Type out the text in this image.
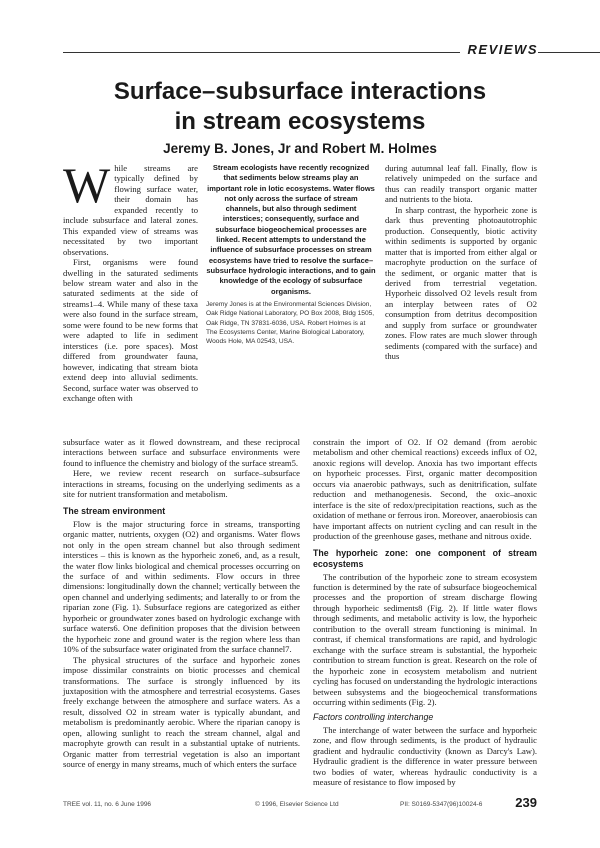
REVIEWS
Surface–subsurface interactions
in stream ecosystems
Jeremy B. Jones, Jr and Robert M. Holmes

While streams are typically defined by flowing surface water, their domain has expanded recently to include subsurface and lateral zones. This expanded view of streams was necessitated by two important observations.

First, organisms were found dwelling in the saturated sediments below stream water and also in the saturated sediments at the side of streams1–4. While many of these taxa were also found in the surface stream, some were found to be new forms that were adapted to life in sediment interstices (i.e. pore spaces). Most differed from groundwater fauna, however, indicating that stream biota extend deep into alluvial sediments. Second, surface water was observed to exchange often with

Stream ecologists have recently recognized that sediments below streams play an important role in lotic ecosystems. Water flows not only across the surface of stream channels, but also through sediment interstices; consequently, surface and subsurface biogeochemical processes are linked. Recent attempts to understand the influence of subsurface processes on stream ecosystems have tried to resolve the surface–subsurface hydrologic interactions, and to gain knowledge of the ecology of subsurface organisms.
Jeremy Jones is at the Environmental Sciences Division, Oak Ridge National Laboratory, PO Box 2008, Bldg 1505, Oak Ridge, TN 37831-6036, USA. Robert Holmes is at The Ecosystems Center, Marine Biological Laboratory, Woods Hole, MA 02543, USA.

during autumnal leaf fall. Finally, flow is relatively unimpeded on the surface and thus can readily transport organic matter and nutrients to the biota.

In sharp contrast, the hyporheic zone is dark thus preventing photoautotrophic production. Consequently, biotic activity within sediments is supported by organic matter that is imported from either algal or macrophyte production on the surface of the sediment, or organic matter that is derived from terrestrial vegetation. Hyporheic dissolved O2 levels result from an interplay between rates of O2 consumption from detritus decomposition and supply from surface or groundwater zones. Flow rates are much slower through sediments (compared with the surface) and thus

subsurface water as it flowed downstream, and these reciprocal interactions between surface and subsurface environments were found to influence the chemistry and biology of the surface stream5.

Here, we review recent research on surface–subsurface interactions in streams, focusing on the underlying sediments as a site for nutrient transformation and metabolism.

The stream environment

Flow is the major structuring force in streams, transporting organic matter, nutrients, oxygen (O2) and organisms. Water flows not only in the open stream channel but also through sediment interstices – this is known as the hyporheic zone6, and, as a result, the water flow links biological and chemical processes occurring on the surface of and within sediments. Flow occurs in three dimensions: longitudinally down the channel; vertically between the open channel and underlying sediments; and laterally to or from the riparian zone (Fig. 1). Subsurface regions are categorized as either hyporheic or groundwater zones based on hydrologic exchange with surface waters6. One definition proposes that the division between the hyporheic zone and ground water is the region where less than 10% of the subsurface water originated from the surface channel7.

The physical structures of the surface and hyporheic zones impose dissimilar constraints on biotic processes and chemical transformations. The surface is strongly influenced by its juxtaposition with the atmosphere and terrestrial ecosystems. Gases freely exchange between the atmosphere and surface waters. As a result, dissolved O2 in stream water is typically abundant, and metabolism is predominantly aerobic. Where the riparian canopy is open, allowing sunlight to reach the stream channel, algal and macrophyte growth can result in a substantial uptake of nutrients. Organic matter from terrestrial vegetation is also an important source of energy in many streams, much of which enters the surface

constrain the import of O2. If O2 demand (from aerobic metabolism and other chemical reactions) exceeds influx of O2, anoxic regions will develop. Anoxia has two important effects on hyporheic processes. First, organic matter decomposition occurs via anaerobic pathways, such as denitrification, sulfate reduction and methanogenesis. Second, the oxic–anoxic interface is the site of redox/precipitation reactions, such as the oxidation of methane or ferrous iron. Moreover, anaerobiosis can have important affects on nutrient cycling and can result in the production of the greenhouse gases, methane and nitrous oxide.

The hyporheic zone: one component of stream ecosystems

The contribution of the hyporheic zone to stream ecosystem function is determined by the rate of subsurface biogeochemical processes and the proportion of stream discharge flowing through hyporheic sediments8 (Fig. 2). If little water flows through sediments, and metabolic activity is low, the hyporheic contribution to the overall stream functioning is minimal. In contrast, if chemical transformations are rapid, and hydrologic exchange with the surface stream is substantial, the hyporheic contribution to stream function is great. Research on the role of the hyporheic zone in ecosystem metabolism and nutrient cycling has focused on understanding the hydrologic interactions between subsystems and the biogeochemical transformations occurring within sediments (Fig. 2).

Factors controlling interchange

The interchange of water between the surface and hyporheic zone, and flow through sediments, is the product of hydraulic gradient and hydraulic conductivity (known as Darcy's Law). Hydraulic gradient is the difference in water pressure between two bodies of water, whereas hydraulic conductivity is a measure of resistance to flow imposed by

TREE vol. 11, no. 6 June 1996	© 1996, Elsevier Science Ltd	PII: S0169-5347(96)10024-6	239
